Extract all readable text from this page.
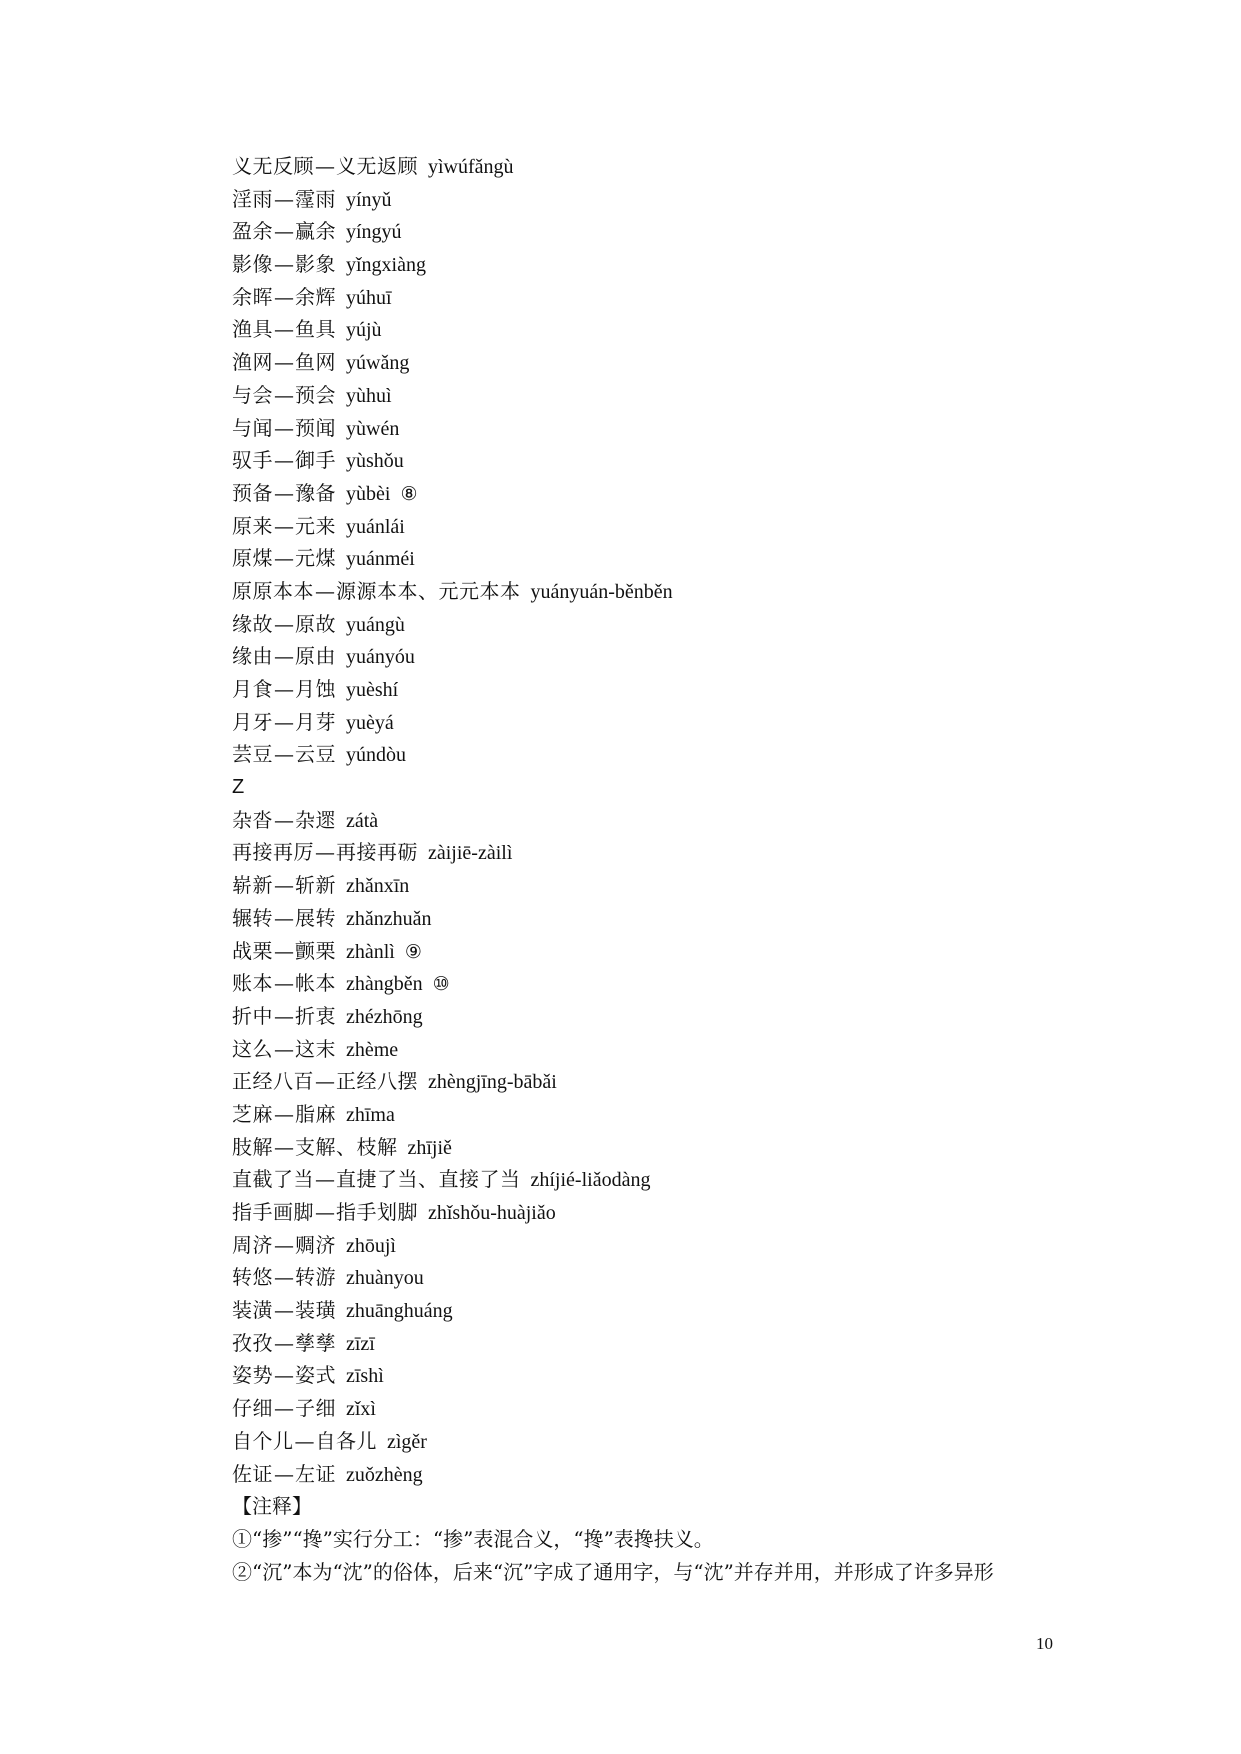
义无反顾—义无返顾 yìwúfǎngù
淫雨—霪雨 yínyǔ
盈余—赢余 yíngyú
影像—影象 yǐngxiàng
余晖—余辉 yúhuī
渔具—鱼具 yújù
渔网—鱼网 yúwǎng
与会—预会 yùhuì
与闻—预闻 yùwén
驭手—御手 yùshǒu
预备—豫备 yùbèi ⑧
原来—元来 yuánlái
原煤—元煤 yuánméi
原原本本—源源本本、元元本本 yuányuán-běnběn
缘故—原故 yuángù
缘由—原由 yuányóu
月食—月蚀 yuèshí
月牙—月芽 yuèyá
芸豆—云豆 yúndòu
Z
杂沓—杂遝 zátà
再接再厉—再接再砺 zàijiē-zàilì
崭新—斩新 zhǎnxīn
辗转—展转 zhǎnzhuǎn
战栗—颤栗 zhànlì ⑨
账本—帐本 zhàngběn ⑩
折中—折衷 zhézhōng
这么—这末 zhème
正经八百—正经八摆 zhèngjīng-bābǎi
芝麻—脂麻 zhīma
肢解—支解、枝解 zhījiě
直截了当—直捷了当、直接了当 zhíjié-liǎodàng
指手画脚—指手划脚 zhǐshǒu-huàjiǎo
周济—赒济 zhōujì
转悠—转游 zhuànyou
装潢—装璜 zhuānghuáng
孜孜—孳孳 zīzī
姿势—姿式 zīshì
仔细—子细 zǐxì
自个儿—自各儿 zìgěr
佐证—左证 zuǒzhèng
【注释】
①“掺”“搀”实行分工：“掺”表混合义，“搀”表搀扶义。
②“沉”本为“沈”的俗体，后来“沉”字成了通用字，与“沈”并存并用，并形成了许多异形
10
